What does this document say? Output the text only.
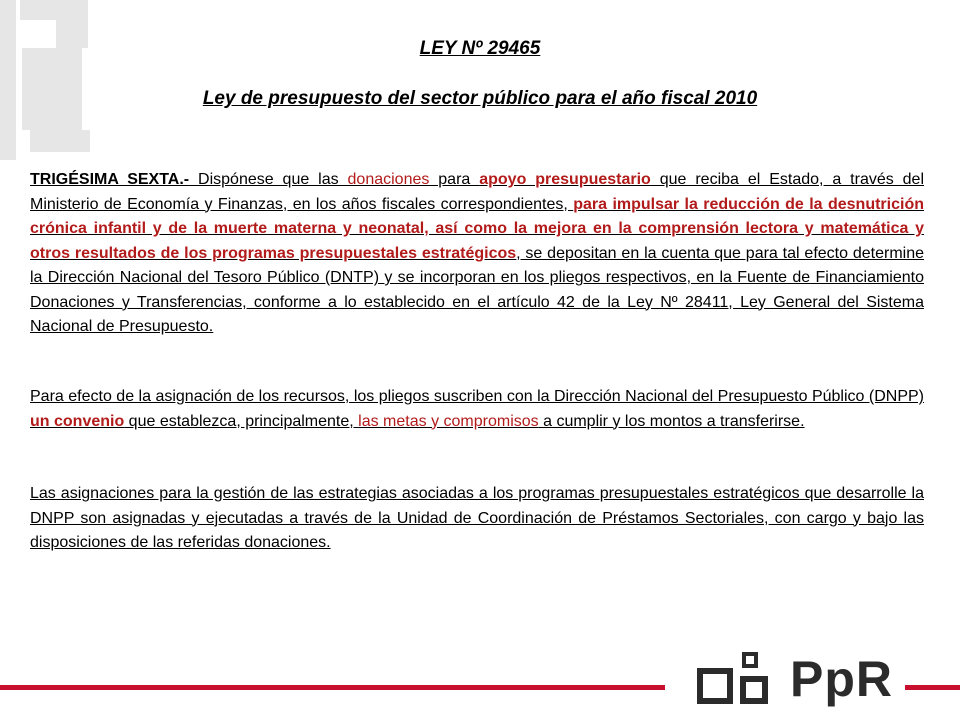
LEY Nº 29465
Ley de presupuesto del sector público para el año fiscal 2010

TRIGÉSIMA SEXTA.- Dispónese que las donaciones para apoyo presupuestario que reciba el Estado, a través del Ministerio de Economía y Finanzas, en los años fiscales correspondientes, para impulsar la reducción de la desnutrición crónica infantil y de la muerte materna y neonatal, así como la mejora en la comprensión lectora y matemática y otros resultados de los programas presupuestales estratégicos, se depositan en la cuenta que para tal efecto determine la Dirección Nacional del Tesoro Público (DNTP) y se incorporan en los pliegos respectivos, en la Fuente de Financiamiento Donaciones y Transferencias, conforme a lo establecido en el artículo 42 de la Ley Nº 28411, Ley General del Sistema Nacional de Presupuesto.

Para efecto de la asignación de los recursos, los pliegos suscriben con la Dirección Nacional del Presupuesto Público (DNPP) un convenio que establezca, principalmente, las metas y compromisos a cumplir y los montos a transferirse.

Las asignaciones para la gestión de las estrategias asociadas a los programas presupuestales estratégicos que desarrolle la DNPP son asignadas y ejecutadas a través de la Unidad de Coordinación de Préstamos Sectoriales, con cargo y bajo las disposiciones de las referidas donaciones.

PpR
